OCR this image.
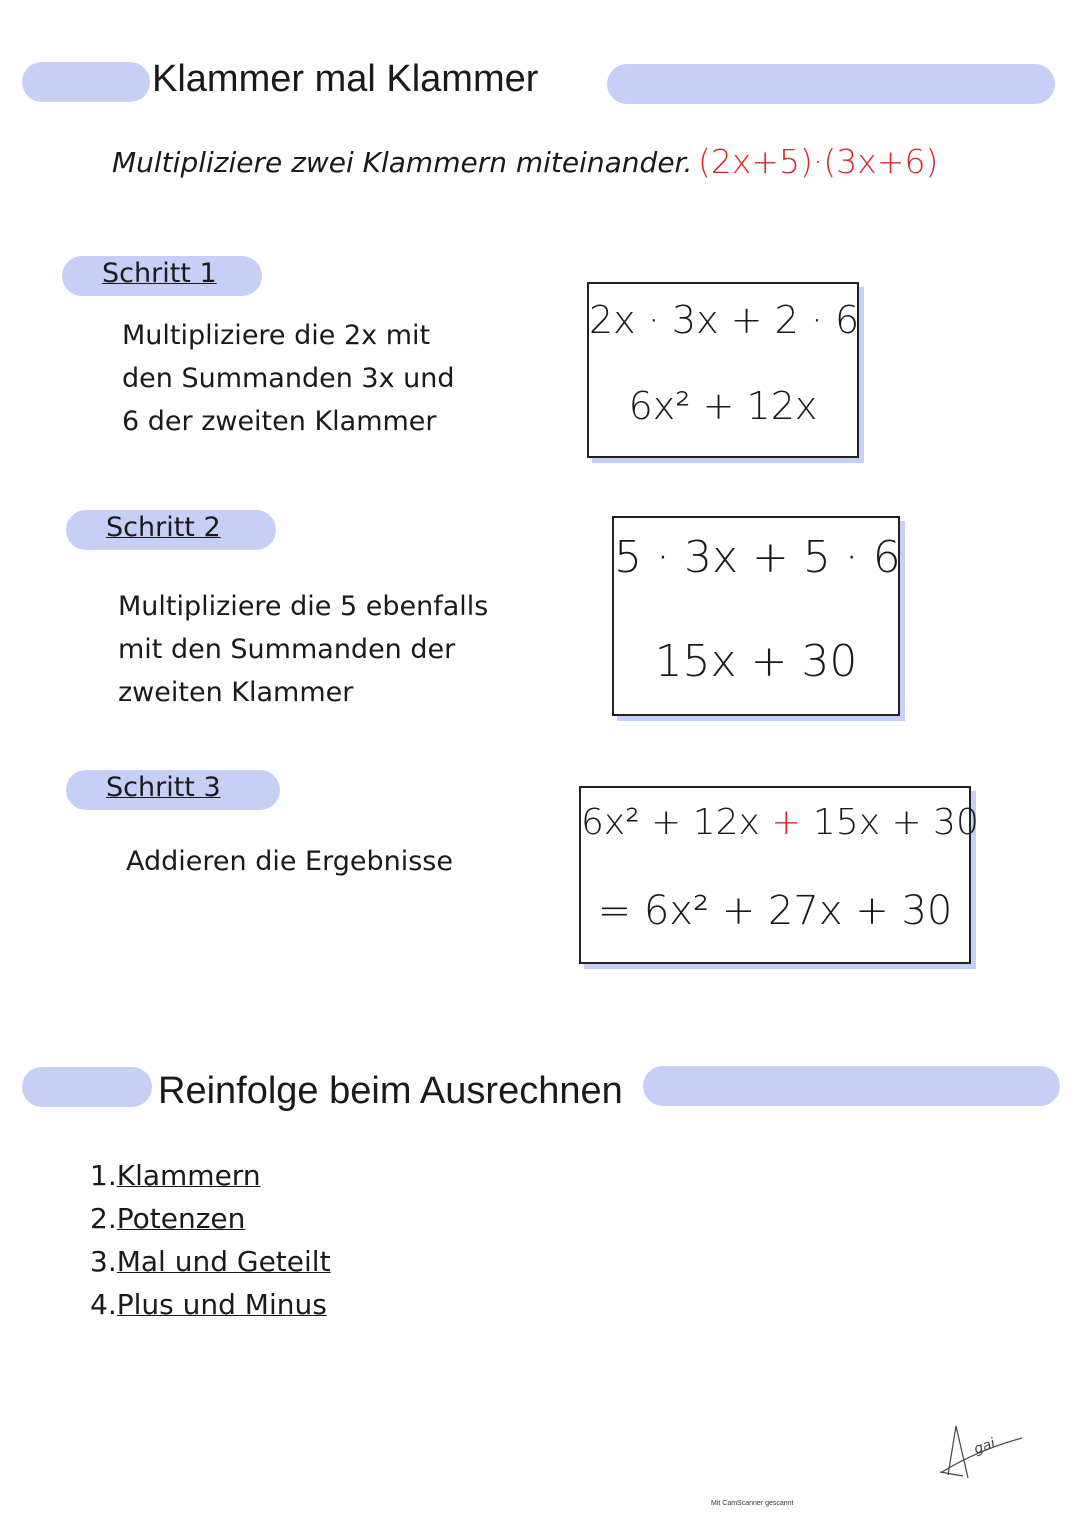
Klammer mal Klammer
Multipliziere zwei Klammern miteinander. (2x+5)·(3x+6)
Schritt 1
Multipliziere die 2x mit
den Summanden 3x und
6 der zweiten Klammer
2x · 3x + 2 · 6
6x² + 12x
Schritt 2
Multipliziere die 5 ebenfalls
mit den Summanden der
zweiten Klammer
5 · 3x + 5 · 6
15x + 30
Schritt 3
Addieren die Ergebnisse
6x² + 12x + 15x + 30
= 6x² + 27x + 30
Reinfolge beim Ausrechnen
1.Klammern
2.Potenzen
3.Mal und Geteilt
4.Plus und Minus
gai
Mit CamScanner gescannt
